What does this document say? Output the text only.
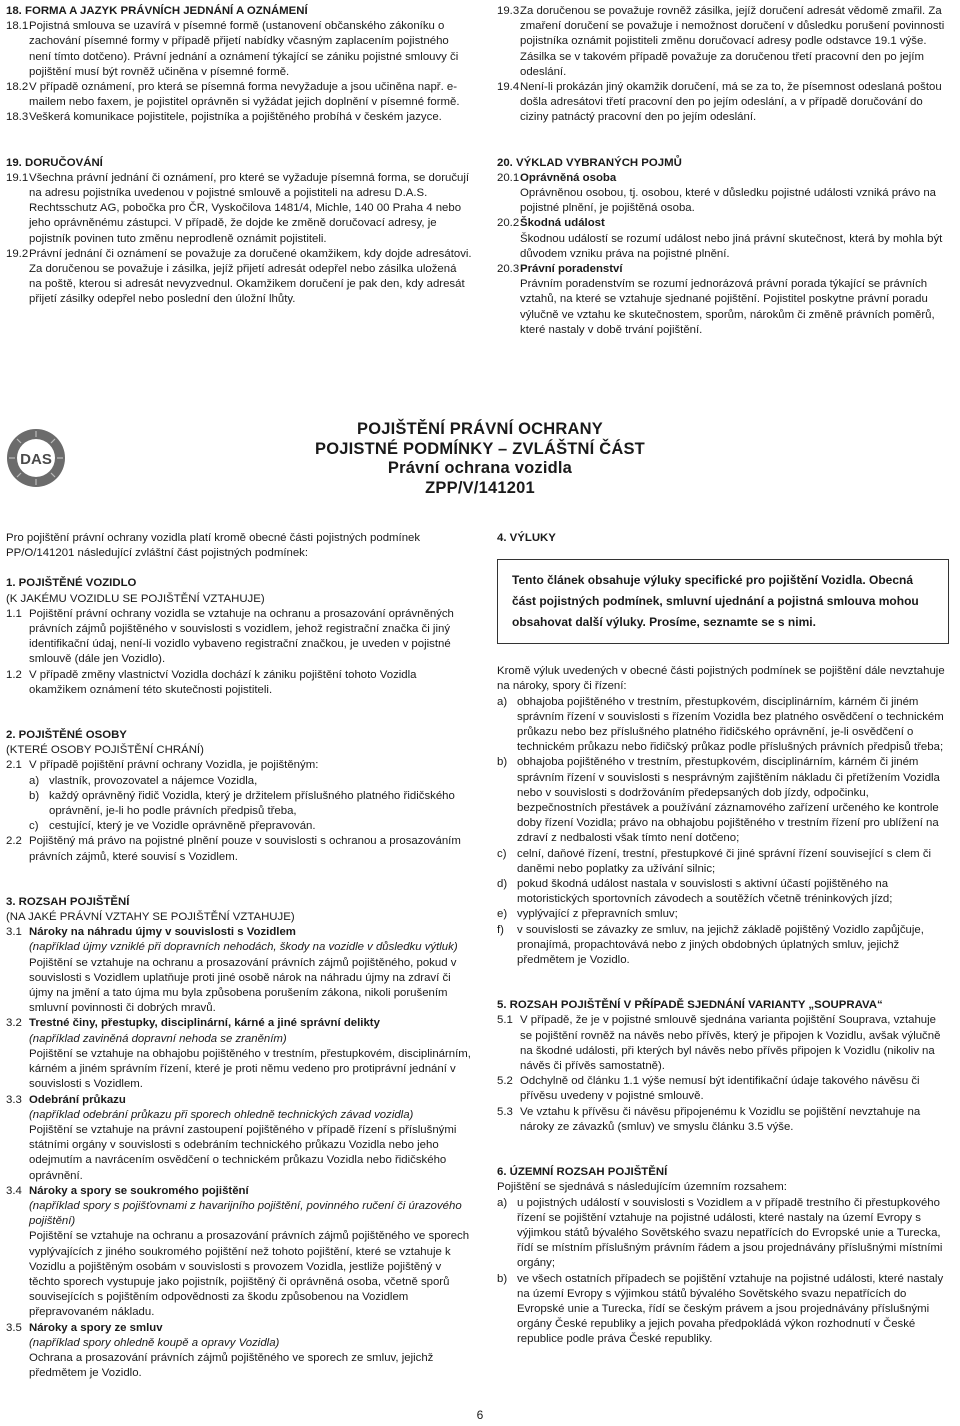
18. FORMA A JAZYK PRÁVNÍCH JEDNÁNÍ A OZNÁMENÍ

18.1 Pojistná smlouva se uzavírá v písemné formě (ustanovení občanského zákoníku o zachování písemné formy v případě přijetí nabídky včasným zaplacením pojistného není tímto dotčeno). Právní jednání a oznámení týkající se zániku pojistné smlouvy či pojištění musí být rovněž učiněna v písemné formě.
18.2 V případě oznámení, pro která se písemná forma nevyžaduje a jsou učiněna např. e-mailem nebo faxem, je pojistitel oprávněn si vyžádat jejich doplnění v písemné formě.
18.3 Veškerá komunikace pojistitele, pojistníka a pojištěného probíhá v českém jazyce.

19. DORUČOVÁNÍ

19.1 Všechna právní jednání či oznámení, pro které se vyžaduje písemná forma, se doručují na adresu pojistníka uvedenou v pojistné smlouvě a pojistiteli na adresu D.A.S. Rechtsschutz AG, pobočka pro ČR, Vyskočilova 1481/4, Michle, 140 00 Praha 4 nebo jeho oprávněnému zástupci. V případě, že dojde ke změně doručovací adresy, je pojistník povinen tuto změnu neprodleně oznámit pojistiteli.
19.2 Právní jednání či oznámení se považuje za doručené okamžikem, kdy dojde adresátovi. Za doručenou se považuje i zásilka, jejíž přijetí adresát odepřel nebo zásilka uložená na poště, kterou si adresát nevyzvednul. Okamžikem doručení je pak den, kdy adresát přijetí zásilky odepřel nebo poslední den úložní lhůty.
19.3 Za doručenou se považuje rovněž zásilka, jejíž doručení adresát vědomě zmařil. Za zmaření doručení se považuje i nemožnost doručení v důsledku porušení povinnosti pojistníka oznámit pojistiteli změnu doručovací adresy podle odstavce 19.1 výše. Zásilka se v takovém případě považuje za doručenou třetí pracovní den po jejím odeslání.
19.4 Není-li prokázán jiný okamžik doručení, má se za to, že písemnost odeslaná poštou došla adresátovi třetí pracovní den po jejím odeslání, a v případě doručování do ciziny patnáctý pracovní den po jejím odeslání.

20. VÝKLAD VYBRANÝCH POJMŮ

20.1 Oprávněná osoba
Oprávněnou osobou, tj. osobou, které v důsledku pojistné události vzniká právo na pojistné plnění, je pojištěná osoba.
20.2 Škodná událost
Škodnou událostí se rozumí událost nebo jiná právní skutečnost, která by mohla být důvodem vzniku práva na pojistné plnění.
20.3 Právní poradenství
Právním poradenstvím se rozumí jednorázová právní porada týkající se právních vztahů, na které se vztahuje sjednané pojištění. Pojistitel poskytne právní poradu výlučně ve vztahu ke skutečnostem, sporům, nárokům či změně právních poměrů, které nastaly v době trvání pojištění.
DAS
POJIŠTĚNÍ PRÁVNÍ OCHRANY
POJISTNÉ PODMÍNKY – ZVLÁŠTNÍ ČÁST
Právní ochrana vozidla
ZPP/V/141201

Pro pojištění právní ochrany vozidla platí kromě obecné části pojistných podmínek PP/O/141201 následující zvláštní část pojistných podmínek:

1. POJIŠTĚNÉ VOZIDLO

(K JAKÉMU VOZIDLU SE POJIŠTĚNÍ VZTAHUJE)

1.1 Pojištění právní ochrany vozidla se vztahuje na ochranu a prosazování oprávněných právních zájmů pojištěného v souvislosti s vozidlem, jehož registrační značka či jiný identifikační údaj, není-li vozidlo vybaveno registrační značkou, je uveden v pojistné smlouvě (dále jen Vozidlo).
1.2 V případě změny vlastnictví Vozidla dochází k zániku pojištění tohoto Vozidla okamžikem oznámení této skutečnosti pojistiteli.

2. POJIŠTĚNÉ OSOBY

(KTERÉ OSOBY POJIŠTĚNÍ CHRÁNÍ)

2.1 V případě pojištění právní ochrany Vozidla, je pojištěným:
a) vlastník, provozovatel a nájemce Vozidla,
b) každý oprávněný řidič Vozidla, který je držitelem příslušného platného řidičského oprávnění, je-li ho podle právních předpisů třeba,
c) cestující, který je ve Vozidle oprávněně přepravován.
2.2 Pojištěný má právo na pojistné plnění pouze v souvislosti s ochranou a prosazováním právních zájmů, které souvisí s Vozidlem.

3. ROZSAH POJIŠTĚNÍ

(NA JAKÉ PRÁVNÍ VZTAHY SE POJIŠTĚNÍ VZTAHUJE)

3.1 Nároky na náhradu újmy v souvislosti s Vozidlem
(například újmy vzniklé při dopravních nehodách, škody na vozidle v důsledku výtluk)
Pojištění se vztahuje na ochranu a prosazování právních zájmů pojištěného, pokud v souvislosti s Vozidlem uplatňuje proti jiné osobě nárok na náhradu újmy na zdraví či újmy na jmění a tato újma mu byla způsobena porušením zákona, nikoli porušením smluvní povinnosti či dobrých mravů.
3.2 Trestné činy, přestupky, disciplinární, kárné a jiné správní delikty
(například zaviněná dopravní nehoda se zraněním)
Pojištění se vztahuje na obhajobu pojištěného v trestním, přestupkovém, disciplinárním, kárném a jiném správním řízení, které je proti němu vedeno pro protiprávní jednání v souvislosti s Vozidlem.
3.3 Odebrání průkazu
(například odebrání průkazu při sporech ohledně technických závad vozidla)
Pojištění se vztahuje na právní zastoupení pojištěného v případě řízení s příslušnými státními orgány v souvislosti s odebráním technického průkazu Vozidla nebo jeho odejmutím a navrácením osvědčení o technickém průkazu Vozidla nebo řidičského oprávnění.
3.4 Nároky a spory se soukromého pojištění
(například spory s pojišťovnami z havarijního pojištění, povinného ručení či úrazového pojištění)
Pojištění se vztahuje na ochranu a prosazování právních zájmů pojištěného ve sporech vyplývajících z jiného soukromého pojištění než tohoto pojištění, které se vztahuje k Vozidlu a pojištěným osobám v souvislosti s provozem Vozidla, jestliže pojištěný v těchto sporech vystupuje jako pojistník, pojištěný či oprávněná osoba, včetně sporů souvisejících s pojištěním odpovědnosti za škodu způsobenou na Vozidlem přepravovaném nákladu.
3.5 Nároky a spory ze smluv
(například spory ohledně koupě a opravy Vozidla)
Ochrana a prosazování právních zájmů pojištěného ve sporech ze smluv, jejichž předmětem je Vozidlo.

4. VÝLUKY

Tento článek obsahuje výluky specifické pro pojištění Vozidla. Obecná část pojistných podmínek, smluvní ujednání a pojistná smlouva mohou obsahovat další výluky. Prosíme, seznamte se s nimi.

Kromě výluk uvedených v obecné části pojistných podmínek se pojištění dále nevztahuje na nároky, spory či řízení:

a) obhajoba pojištěného v trestním, přestupkovém, disciplinárním, kárném či jiném správním řízení v souvislosti s řízením Vozidla bez platného osvědčení o technickém průkazu nebo bez příslušného platného řidičského oprávnění, je-li osvědčení o technickém průkazu nebo řidičský průkaz podle příslušných právních předpisů třeba;
b) obhajoba pojištěného v trestním, přestupkovém, disciplinárním, kárném či jiném správním řízení v souvislosti s nesprávným zajištěním nákladu či přetížením Vozidla nebo v souvislosti s dodržováním předepsaných dob jízdy, odpočinku, bezpečnostních přestávek a používání záznamového zařízení určeného ke kontrole doby řízení Vozidla; právo na obhajobu pojištěného v trestním řízení pro ublížení na zdraví z nedbalosti však tímto není dotčeno;
c) celní, daňové řízení, trestní, přestupkové či jiné správní řízení související s clem či daněmi nebo poplatky za užívání silnic;
d) pokud škodná událost nastala v souvislosti s aktivní účastí pojištěného na motoristických sportovních závodech a soutěžích včetně tréninkových jízd;
e) vyplývající z přepravních smluv;
f) v souvislosti se závazky ze smluv, na jejichž základě pojištěný Vozidlo zapůjčuje, pronajímá, propachtovává nebo z jiných obdobných úplatných smluv, jejichž předmětem je Vozidlo.

5. ROZSAH POJIŠTĚNÍ V PŘÍPADĚ SJEDNÁNÍ VARIANTY „SOUPRAVA“

5.1 V případě, že je v pojistné smlouvě sjednána varianta pojištění Souprava, vztahuje se pojištění rovněž na návěs nebo přívěs, který je připojen k Vozidlu, avšak výlučně na škodné události, při kterých byl návěs nebo přívěs připojen k Vozidlu (nikoliv na návěs či přívěs samostatně).
5.2 Odchylně od článku 1.1 výše nemusí být identifikační údaje takového návěsu či přívěsu uvedeny v pojistné smlouvě.
5.3 Ve vztahu k přívěsu či návěsu připojenému k Vozidlu se pojištění nevztahuje na nároky ze závazků (smluv) ve smyslu článku 3.5 výše.

6. ÚZEMNÍ ROZSAH POJIŠTĚNÍ

Pojištění se sjednává s následujícím územním rozsahem:

a) u pojistných událostí v souvislosti s Vozidlem a v případě trestního či přestupkového řízení se pojištění vztahuje na pojistné události, které nastaly na území Evropy s výjimkou států bývalého Sovětského svazu nepatřících do Evropské unie a Turecka, řídí se místním příslušným právním řádem a jsou projednávány příslušnými místními orgány;
b) ve všech ostatních případech se pojištění vztahuje na pojistné události, které nastaly na území Evropy s výjimkou států bývalého Sovětského svazu nepatřících do Evropské unie a Turecka, řídí se českým právem a jsou projednávány příslušnými orgány České republiky a jejich povaha předpokládá výkon rozhodnutí v České republice podle práva České republiky.
6
